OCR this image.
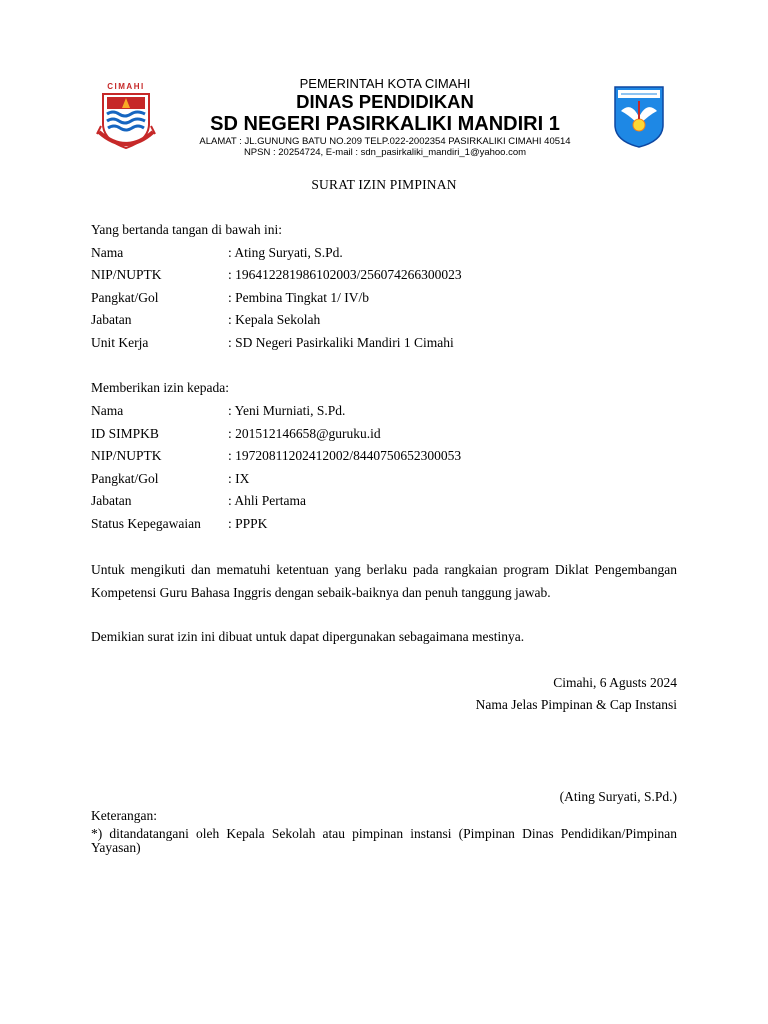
CIMAHI	PEMERINTAH KOTA CIMAHI
DINAS PENDIDIKAN
SD NEGERI PASIRKALIKI MANDIRI 1
ALAMAT : JL.GUNUNG BATU NO.209 TELP.022-2002354 PASIRKALIKI CIMAHI 40514
NPSN : 20254724, E-mail : sdn_pasirkaliki_mandiri_1@yahoo.com
SURAT IZIN PIMPINAN
Yang bertanda tangan di bawah ini:
Nama	: Ating Suryati, S.Pd.
NIP/NUPTK	: 196412281986102003/256074266300023
Pangkat/Gol	: Pembina Tingkat 1/ IV/b
Jabatan	: Kepala Sekolah
Unit Kerja	: SD Negeri Pasirkaliki Mandiri 1 Cimahi
Memberikan izin kepada:
Nama	: Yeni Murniati, S.Pd.
ID SIMPKB	: 201512146658@guruku.id
NIP/NUPTK	: 19720811202412002/8440750652300053
Pangkat/Gol	: IX
Jabatan	: Ahli Pertama
Status Kepegawaian : PPPK
Untuk mengikuti dan mematuhi ketentuan yang berlaku pada rangkaian program Diklat Pengembangan Kompetensi Guru Bahasa Inggris dengan sebaik-baiknya dan penuh tanggung jawab.
Demikian surat izin ini dibuat untuk dapat dipergunakan sebagaimana mestinya.
Cimahi, 6 Agusts 2024
Nama Jelas Pimpinan & Cap Instansi
(Ating Suryati, S.Pd.)
Keterangan:
*) ditandatangani oleh Kepala Sekolah atau pimpinan instansi (Pimpinan Dinas Pendidikan/Pimpinan Yayasan)
